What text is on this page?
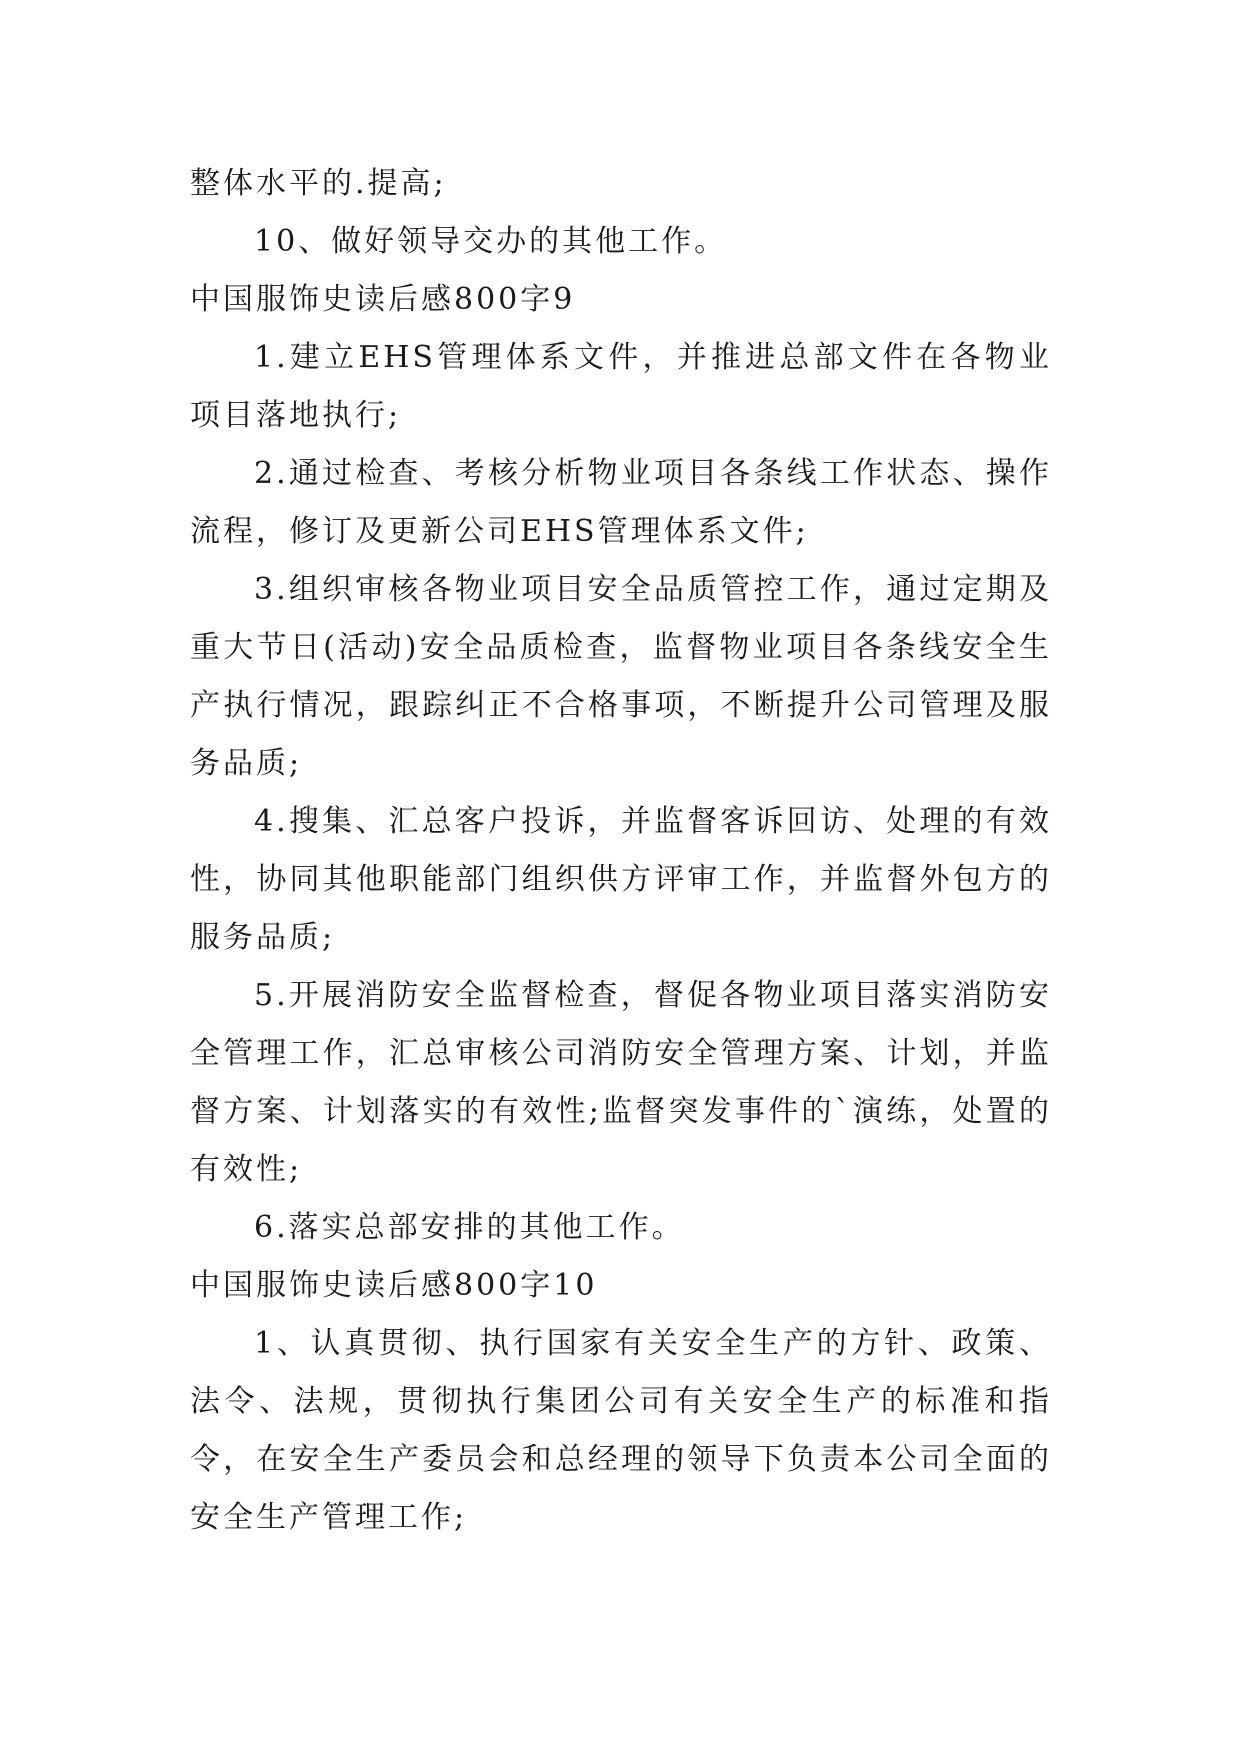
整体水平的.提高;

10、做好领导交办的其他工作。

中国服饰史读后感800字9

1.建立EHS管理体系文件，并推进总部文件在各物业项目落地执行;

2.通过检查、考核分析物业项目各条线工作状态、操作流程，修订及更新公司EHS管理体系文件;

3.组织审核各物业项目安全品质管控工作，通过定期及重大节日(活动)安全品质检查，监督物业项目各条线安全生产执行情况，跟踪纠正不合格事项，不断提升公司管理及服务品质;

4.搜集、汇总客户投诉，并监督客诉回访、处理的有效性，协同其他职能部门组织供方评审工作，并监督外包方的服务品质;

5.开展消防安全监督检查，督促各物业项目落实消防安全管理工作，汇总审核公司消防安全管理方案、计划，并监督方案、计划落实的有效性;监督突发事件的`演练，处置的有效性;

6.落实总部安排的其他工作。

中国服饰史读后感800字10

1、认真贯彻、执行国家有关安全生产的方针、政策、法令、法规，贯彻执行集团公司有关安全生产的标准和指令，在安全生产委员会和总经理的领导下负责本公司全面的安全生产管理工作;
